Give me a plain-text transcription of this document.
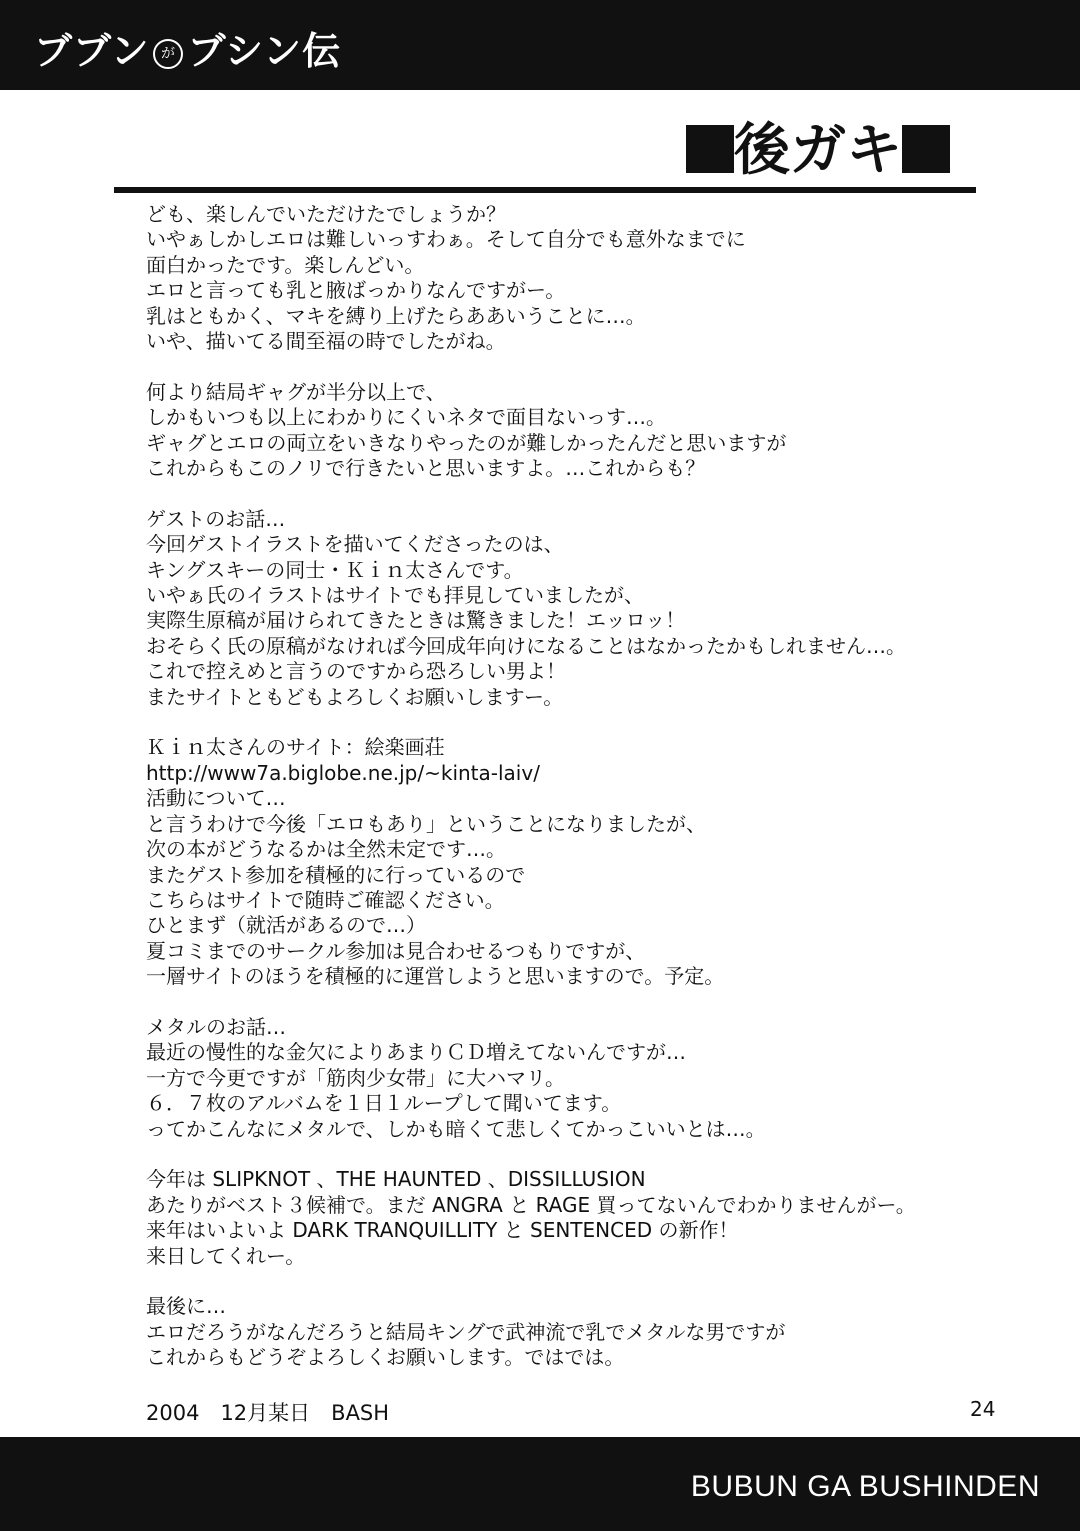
ブブン が ブシン伝
後ガキ
ども、楽しんでいただけたでしょうか？
いやぁしかしエロは難しいっすわぁ。そして自分でも意外なまでに
面白かったです。楽しんどい。
エロと言っても乳と腋ばっかりなんですがー。
乳はともかく、マキを縛り上げたらああいうことに…。
いや、描いてる間至福の時でしたがね。
何より結局ギャグが半分以上で、
しかもいつも以上にわかりにくいネタで面目ないっす…。
ギャグとエロの両立をいきなりやったのが難しかったんだと思いますが
これからもこのノリで行きたいと思いますよ。…これからも？
ゲストのお話…
今回ゲストイラストを描いてくださったのは、
キングスキーの同士・Ｋｉｎ太さんです。
いやぁ氏のイラストはサイトでも拝見していましたが、
実際生原稿が届けられてきたときは驚きました！エッロッ！
おそらく氏の原稿がなければ今回成年向けになることはなかったかもしれません…。
これで控えめと言うのですから恐ろしい男よ！
またサイトともどもよろしくお願いしますー。
Ｋｉｎ太さんのサイト：絵楽画荘
http://www7a.biglobe.ne.jp/~kinta-laiv/
活動について…
と言うわけで今後「エロもあり」ということになりましたが、
次の本がどうなるかは全然未定です…。
またゲスト参加を積極的に行っているので
こちらはサイトで随時ご確認ください。
ひとまず（就活があるので…）
夏コミまでのサークル参加は見合わせるつもりですが、
一層サイトのほうを積極的に運営しようと思いますので。予定。
メタルのお話…
最近の慢性的な金欠によりあまりＣＤ増えてないんですが…
一方で今更ですが「筋肉少女帯」に大ハマリ。
６．７枚のアルバムを１日１ループして聞いてます。
ってかこんなにメタルで、しかも暗くて悲しくてかっこいいとは…。
今年は SLIPKNOT 、THE HAUNTED 、DISSILLUSION
あたりがベスト３候補で。まだ ANGRA と RAGE 買ってないんでわかりませんがー。
来年はいよいよ DARK TRANQUILLITY と SENTENCED の新作！
来日してくれー。
最後に…
エロだろうがなんだろうと結局キングで武神流で乳でメタルな男ですが
これからもどうぞよろしくお願いします。ではでは。
2004　12月某日　BASH	24
BUBUN GA BUSHINDEN
